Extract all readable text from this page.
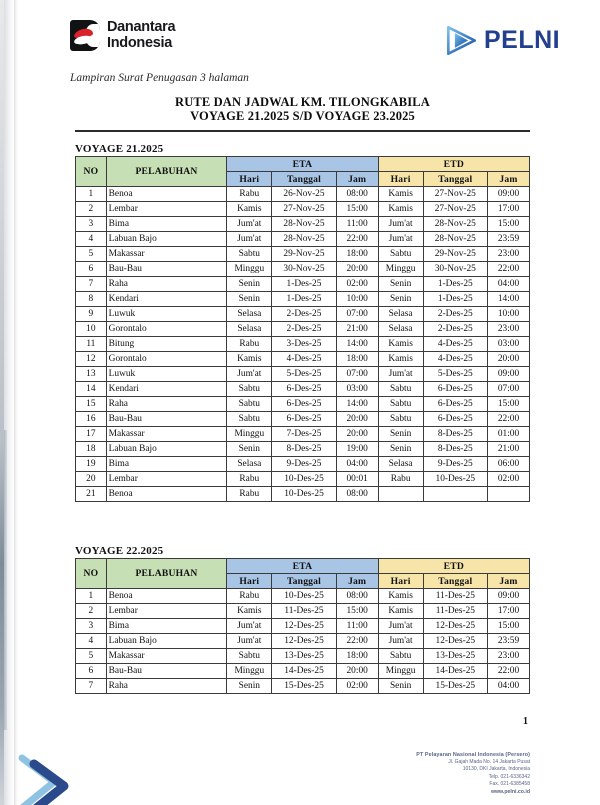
Danantara
Indonesia	PELNI
Lampiran Surat Penugasan 3 halaman
RUTE DAN JADWAL KM. TILONGKABILA
VOYAGE 21.2025 S/D VOYAGE 23.2025
VOYAGE 21.2025
NO	PELABUHAN	ETA			ETD		
		Hari	Tanggal	Jam	Hari	Tanggal	Jam
1	Benoa	Rabu	26-Nov-25	08:00	Kamis	27-Nov-25	09:00
2	Lembar	Kamis	27-Nov-25	15:00	Kamis	27-Nov-25	17:00
3	Bima	Jum'at	28-Nov-25	11:00	Jum'at	28-Nov-25	15:00
4	Labuan Bajo	Jum'at	28-Nov-25	22:00	Jum'at	28-Nov-25	23:59
5	Makassar	Sabtu	29-Nov-25	18:00	Sabtu	29-Nov-25	23:00
6	Bau-Bau	Minggu	30-Nov-25	20:00	Minggu	30-Nov-25	22:00
7	Raha	Senin	1-Des-25	02:00	Senin	1-Des-25	04:00
8	Kendari	Senin	1-Des-25	10:00	Senin	1-Des-25	14:00
9	Luwuk	Selasa	2-Des-25	07:00	Selasa	2-Des-25	10:00
10	Gorontalo	Selasa	2-Des-25	21:00	Selasa	2-Des-25	23:00
11	Bitung	Rabu	3-Des-25	14:00	Kamis	4-Des-25	03:00
12	Gorontalo	Kamis	4-Des-25	18:00	Kamis	4-Des-25	20:00
13	Luwuk	Jum'at	5-Des-25	07:00	Jum'at	5-Des-25	09:00
14	Kendari	Sabtu	6-Des-25	03:00	Sabtu	6-Des-25	07:00
15	Raha	Sabtu	6-Des-25	14:00	Sabtu	6-Des-25	15:00
16	Bau-Bau	Sabtu	6-Des-25	20:00	Sabtu	6-Des-25	22:00
17	Makassar	Minggu	7-Des-25	20:00	Senin	8-Des-25	01:00
18	Labuan Bajo	Senin	8-Des-25	19:00	Senin	8-Des-25	21:00
19	Bima	Selasa	9-Des-25	04:00	Selasa	9-Des-25	06:00
20	Lembar	Rabu	10-Des-25	00:01	Rabu	10-Des-25	02:00
21	Benoa	Rabu	10-Des-25	08:00			
VOYAGE 22.2025
NO	PELABUHAN	ETA			ETD		
		Hari	Tanggal	Jam	Hari	Tanggal	Jam
1	Benoa	Rabu	10-Des-25	08:00	Kamis	11-Des-25	09:00
2	Lembar	Kamis	11-Des-25	15:00	Kamis	11-Des-25	17:00
3	Bima	Jum'at	12-Des-25	11:00	Jum'at	12-Des-25	15:00
4	Labuan Bajo	Jum'at	12-Des-25	22:00	Jum'at	12-Des-25	23:59
5	Makassar	Sabtu	13-Des-25	18:00	Sabtu	13-Des-25	23:00
6	Bau-Bau	Minggu	14-Des-25	20:00	Minggu	14-Des-25	22:00
7	Raha	Senin	15-Des-25	02:00	Senin	15-Des-25	04:00
1
PT Pelayaran Nasional Indonesia (Persero)
Jl. Gajah Mada No. 14 Jakarta Pusat
10130, DKI Jakarta, Indonesia
Telp. 021-6336342
Fax. 021-6385458
www.pelni.co.id
